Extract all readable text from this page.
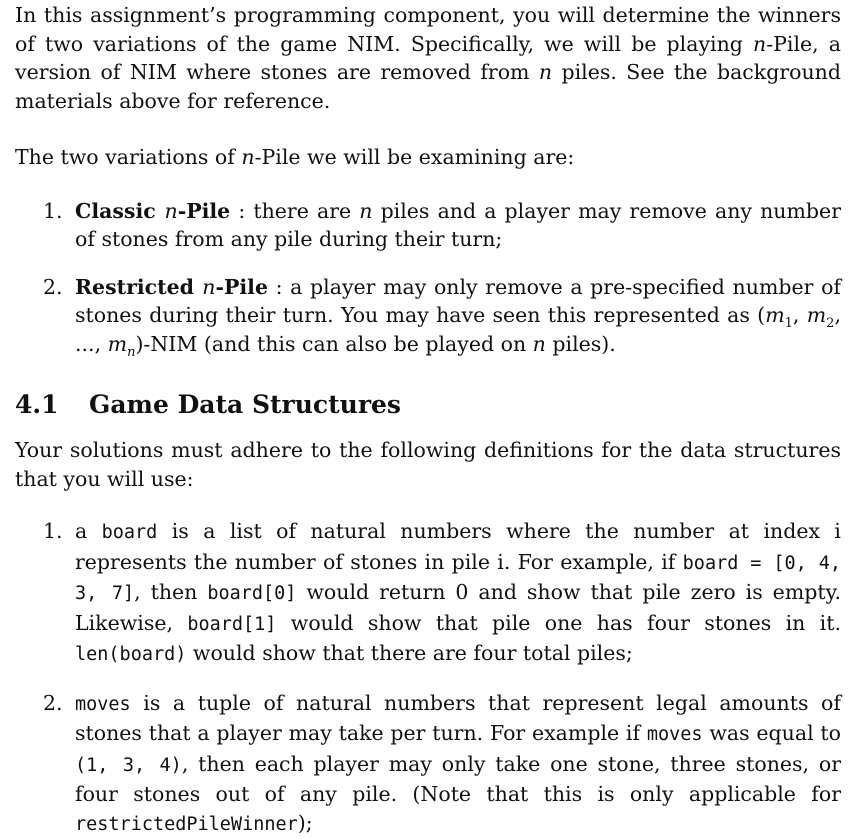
In this assignment’s programming component, you will determine the winners of two variations of the game NIM. Specifically, we will be playing n-Pile, a version of NIM where stones are removed from n piles. See the background materials above for reference.

The two variations of n-Pile we will be examining are:

1. Classic n-Pile : there are n piles and a player may remove any number of stones from any pile during their turn;
2. Restricted n-Pile : a player may only remove a pre-specified number of stones during their turn. You may have seen this represented as ($m_1$, $m_2$, ..., $m_n$)-NIM (and this can also be played on n piles).
4.1 Game Data Structures

Your solutions must adhere to the following definitions for the data structures that you will use:

1. a board is a list of natural numbers where the number at index i represents the number of stones in pile i. For example, if board = [0, 4, 3, 7], then board[0] would return 0 and show that pile zero is empty. Likewise, board[1] would show that pile one has four stones in it. len(board) would show that there are four total piles;
2. moves is a tuple of natural numbers that represent legal amounts of stones that a player may take per turn. For example if moves was equal to (1, 3, 4), then each player may only take one stone, three stones, or four stones out of any pile. (Note that this is only applicable for restrictedPileWinner);
